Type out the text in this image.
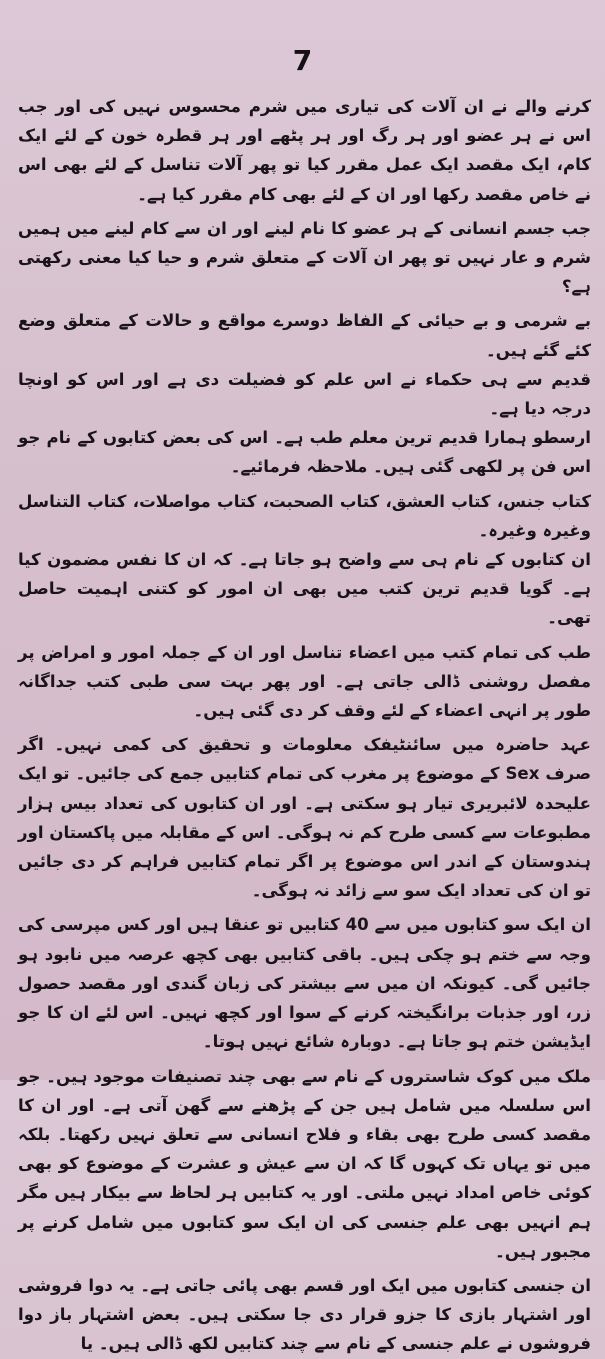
7

کرنے والے نے ان آلات کی تیاری میں شرم محسوس نہیں کی اور جب اس نے ہر عضو اور ہر رگ اور ہر پٹھے اور ہر قطرہ خون کے لئے ایک کام، ایک مقصد ایک عمل مقرر کیا تو پھر آلات تناسل کے لئے بھی اس نے خاص مقصد رکھا اور ان کے لئے بھی کام مقرر کیا ہے۔

جب جسم انسانی کے ہر عضو کا نام لینے اور ان سے کام لینے میں ہمیں شرم و عار نہیں تو پھر ان آلات کے متعلق شرم و حیا کیا معنی رکھتی ہے؟

بے شرمی و بے حیائی کے الفاظ دوسرے مواقع و حالات کے متعلق وضع کئے گئے ہیں۔

قدیم سے ہی حکماء نے اس علم کو فضیلت دی ہے اور اس کو اونچا درجہ دیا ہے۔

ارسطو ہمارا قدیم ترین معلم طب ہے۔ اس کی بعض کتابوں کے نام جو اس فن پر لکھی گئی ہیں۔ ملاحظہ فرمائیے۔

کتاب جنس، کتاب العشق، کتاب الصحبت، کتاب مواصلات، کتاب التناسل وغیرہ وغیرہ۔

ان کتابوں کے نام ہی سے واضح ہو جاتا ہے۔ کہ ان کا نفس مضمون کیا ہے۔ گویا قدیم ترین کتب میں بھی ان امور کو کتنی اہمیت حاصل تھی۔

طب کی تمام کتب میں اعضاء تناسل اور ان کے جملہ امور و امراض پر مفصل روشنی ڈالی جاتی ہے۔ اور پھر بہت سی طبی کتب جداگانہ طور پر انہی اعضاء کے لئے وقف کر دی گئی ہیں۔

عہد حاضرہ میں سائنٹیفک معلومات و تحقیق کی کمی نہیں۔ اگر صرف Sex کے موضوع پر مغرب کی تمام کتابیں جمع کی جائیں۔ تو ایک علیحدہ لائبریری تیار ہو سکتی ہے۔ اور ان کتابوں کی تعداد بیس ہزار مطبوعات سے کسی طرح کم نہ ہوگی۔ اس کے مقابلہ میں پاکستان اور ہندوستان کے اندر اس موضوع پر اگر تمام کتابیں فراہم کر دی جائیں تو ان کی تعداد ایک سو سے زائد نہ ہوگی۔

ان ایک سو کتابوں میں سے 40 کتابیں تو عنقا ہیں اور کس مپرسی کی وجہ سے ختم ہو چکی ہیں۔ باقی کتابیں بھی کچھ عرصہ میں نابود ہو جائیں گی۔ کیونکہ ان میں سے بیشتر کی زبان گندی اور مقصد حصول زر، اور جذبات برانگیختہ کرنے کے سوا اور کچھ نہیں۔ اس لئے ان کا جو ایڈیشن ختم ہو جاتا ہے۔ دوبارہ شائع نہیں ہوتا۔

ملک میں کوک شاستروں کے نام سے بھی چند تصنیفات موجود ہیں۔ جو اس سلسلہ میں شامل ہیں جن کے پڑھنے سے گھن آتی ہے۔ اور ان کا مقصد کسی طرح بھی بقاء و فلاح انسانی سے تعلق نہیں رکھتا۔ بلکہ میں تو یہاں تک کہوں گا کہ ان سے عیش و عشرت کے موضوع کو بھی کوئی خاص امداد نہیں ملتی۔ اور یہ کتابیں ہر لحاظ سے بیکار ہیں مگر ہم انہیں بھی علم جنسی کی ان ایک سو کتابوں میں شامل کرنے پر مجبور ہیں۔

ان جنسی کتابوں میں ایک اور قسم بھی پائی جاتی ہے۔ یہ دوا فروشی اور اشتہار بازی کا جزو قرار دی جا سکتی ہیں۔ بعض اشتہار باز دوا فروشوں نے علم جنسی کے نام سے چند کتابیں لکھ ڈالی ہیں۔ یا
